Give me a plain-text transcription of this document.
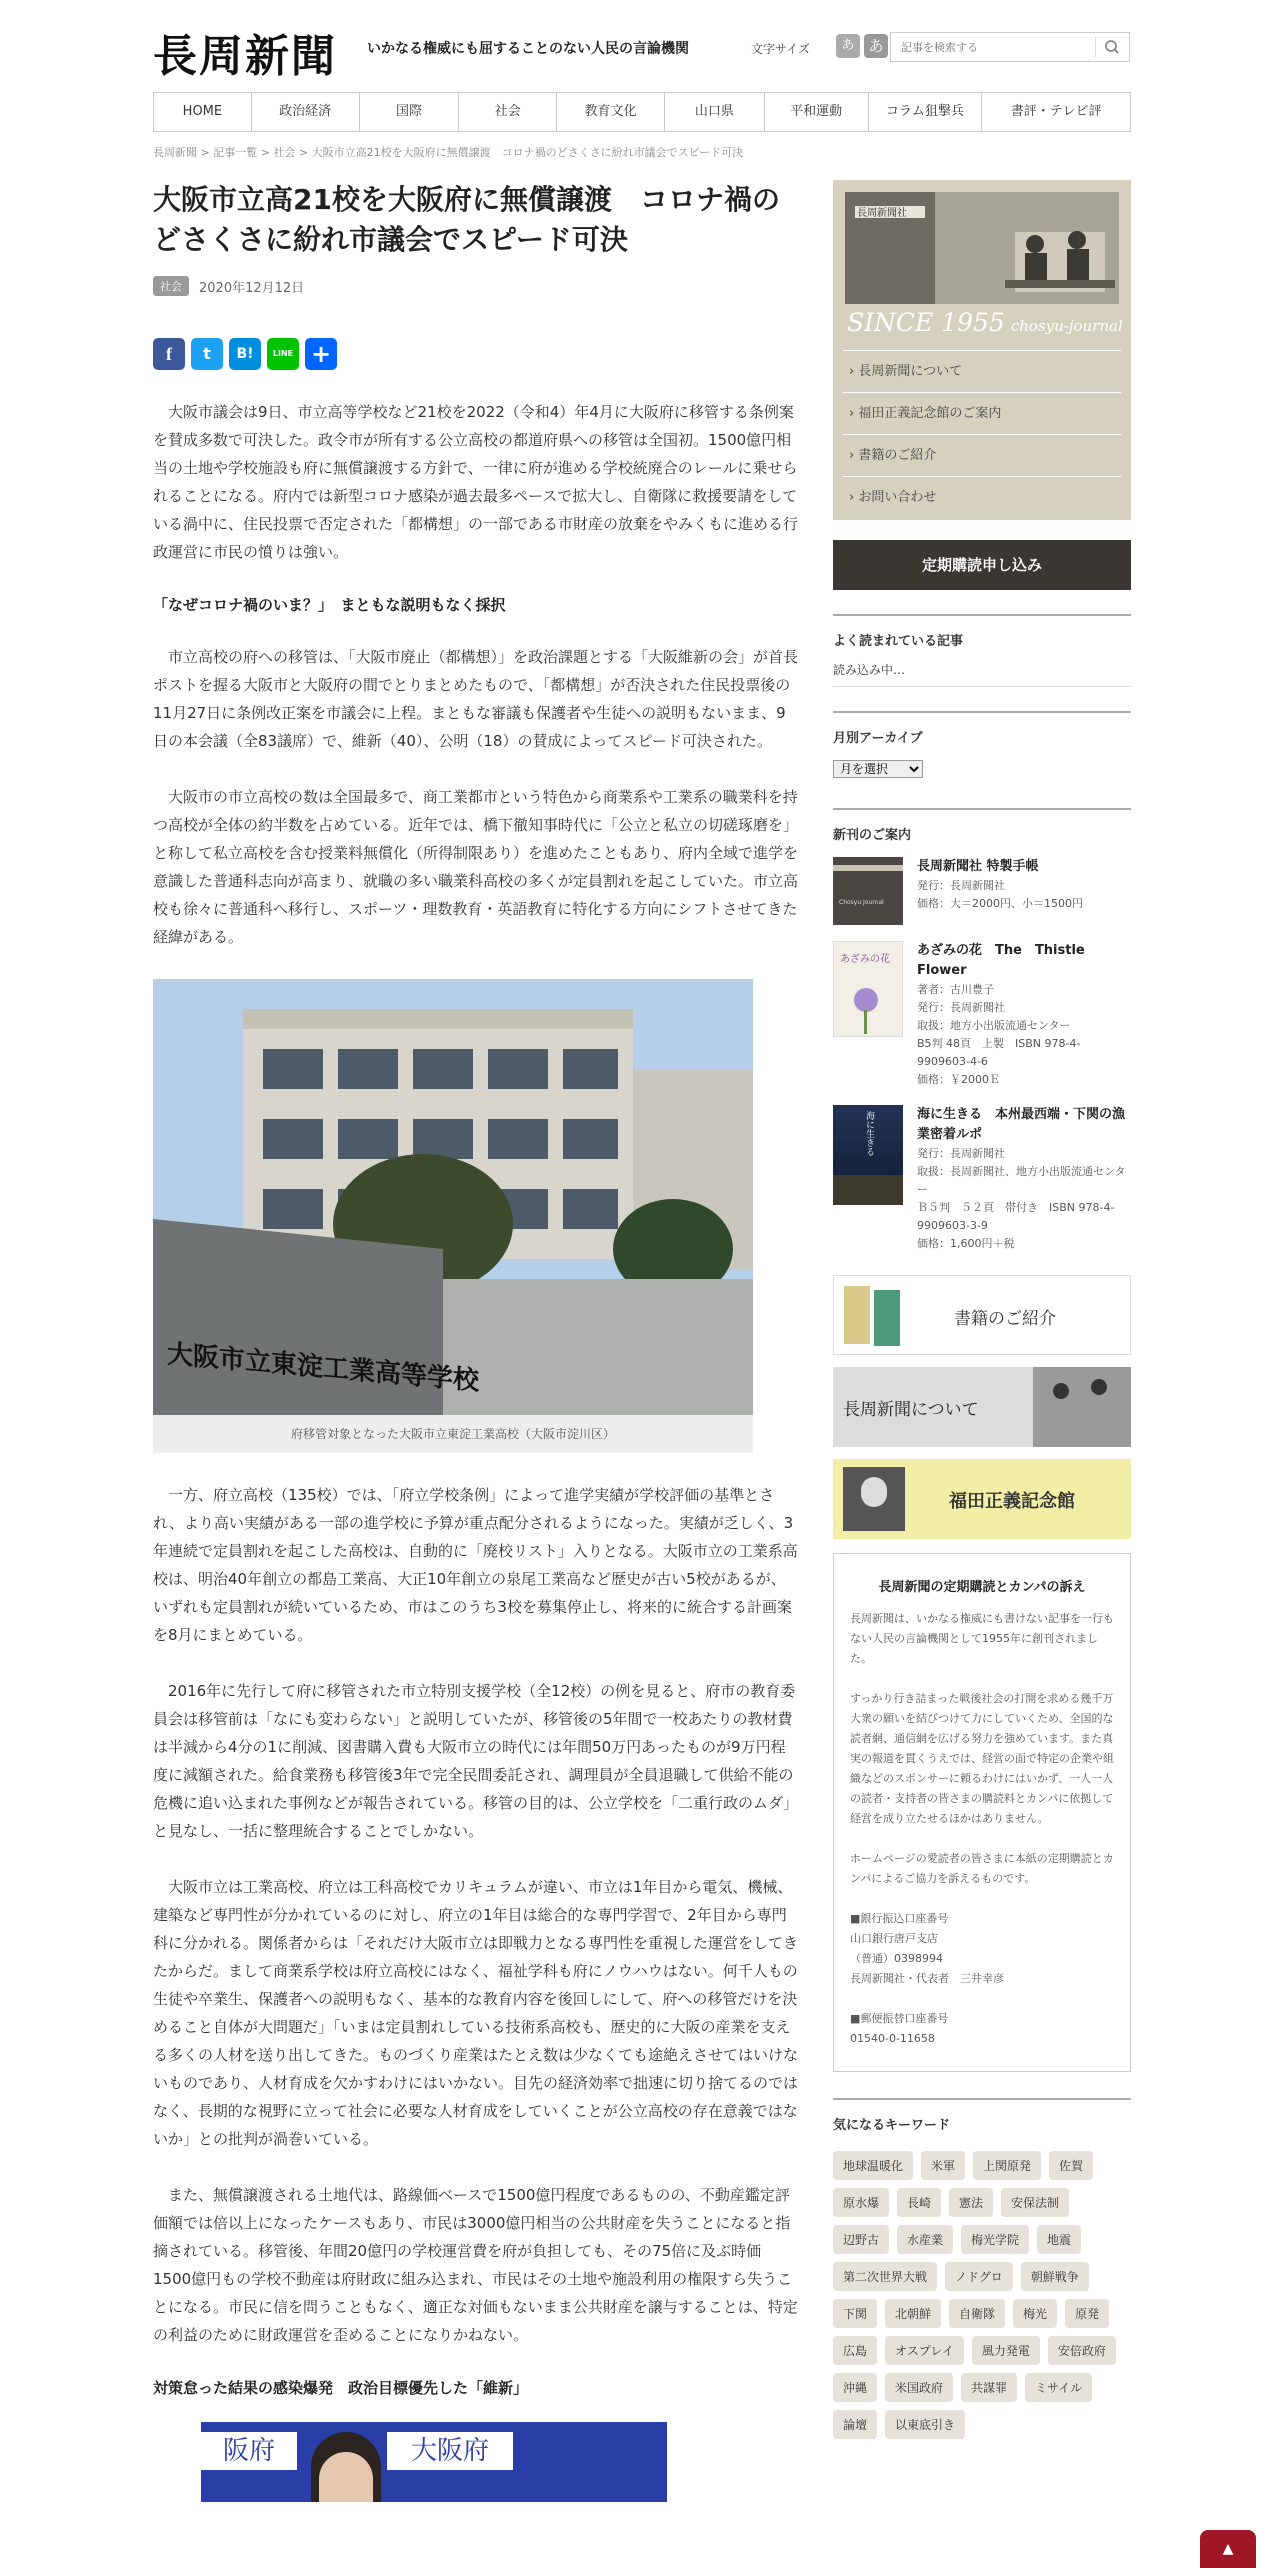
長周新聞 いかなる権威にも屈することのない人民の言論機関	文字サイズ	あ あ
記事を検索する
HOME	政治経済	国際	社会	教育文化	山口県	平和運動	コラム狙撃兵	書評・テレビ評
長周新聞 > 記事一覧 > 社会 > 大阪市立高21校を大阪府に無償譲渡　コロナ禍のどさくさに紛れ市議会でスピード可決
大阪市立高21校を大阪府に無償譲渡　コロナ禍のどさくさに紛れ市議会でスピード可決
社会	2020年12月12日
f	t	B!	LINE +

大阪市議会は9日、市立高等学校など21校を2022（令和4）年4月に大阪府に移管する条例案を賛成多数で可決した。政令市が所有する公立高校の都道府県への移管は全国初。1500億円相当の土地や学校施設も府に無償譲渡する方針で、一律に府が進める学校統廃合のレールに乗せられることになる。府内では新型コロナ感染が過去最多ペースで拡大し、自衛隊に救援要請をしている渦中に、住民投票で否定された「都構想」の一部である市財産の放棄をやみくもに進める行政運営に市民の憤りは強い。

「なぜコロナ禍のいま？」　まともな説明もなく採択

市立高校の府への移管は、「大阪市廃止（都構想）」を政治課題とする「大阪維新の会」が首長ポストを握る大阪市と大阪府の間でとりまとめたもので、「都構想」が否決された住民投票後の11月27日に条例改正案を市議会に上程。まともな審議も保護者や生徒への説明もないまま、9日の本会議（全83議席）で、維新（40）、公明（18）の賛成によってスピード可決された。

大阪市の市立高校の数は全国最多で、商工業都市という特色から商業系や工業系の職業科を持つ高校が全体の約半数を占めている。近年では、橋下徹知事時代に「公立と私立の切磋琢磨を」と称して私立高校を含む授業料無償化（所得制限あり）を進めたこともあり、府内全域で進学を意識した普通科志向が高まり、就職の多い職業科高校の多くが定員割れを起こしていた。市立高校も徐々に普通科へ移行し、スポーツ・理数教育・英語教育に特化する方向にシフトさせてきた経緯がある。

大阪市立東淀工業高等学校
府移管対象となった大阪市立東淀工業高校（大阪市淀川区）

一方、府立高校（135校）では、「府立学校条例」によって進学実績が学校評価の基準とされ、より高い実績がある一部の進学校に予算が重点配分されるようになった。実績が乏しく、3年連続で定員割れを起こした高校は、自動的に「廃校リスト」入りとなる。大阪市立の工業系高校は、明治40年創立の都島工業高、大正10年創立の泉尾工業高など歴史が古い5校があるが、いずれも定員割れが続いているため、市はこのうち3校を募集停止し、将来的に統合する計画案を8月にまとめている。

2016年に先行して府に移管された市立特別支援学校（全12校）の例を見ると、府市の教育委員会は移管前は「なにも変わらない」と説明していたが、移管後の5年間で一校あたりの教材費は半減から4分の1に削減、図書購入費も大阪市立の時代には年間50万円あったものが9万円程度に減額された。給食業務も移管後3年で完全民間委託され、調理員が全員退職して供給不能の危機に追い込まれた事例などが報告されている。移管の目的は、公立学校を「二重行政のムダ」と見なし、一括に整理統合することでしかない。

大阪市立は工業高校、府立は工科高校でカリキュラムが違い、市立は1年目から電気、機械、建築など専門性が分かれているのに対し、府立の1年目は総合的な専門学習で、2年目から専門科に分かれる。関係者からは「それだけ大阪市立は即戦力となる専門性を重視した運営をしてきたからだ。まして商業系学校は府立高校にはなく、福祉学科も府にノウハウはない。何千人もの生徒や卒業生、保護者への説明もなく、基本的な教育内容を後回しにして、府への移管だけを決めること自体が大問題だ」「いまは定員割れしている技術系高校も、歴史的に大阪の産業を支える多くの人材を送り出してきた。ものづくり産業はたとえ数は少なくても途絶えさせてはいけないものであり、人材育成を欠かすわけにはいかない。目先の経済効率で拙速に切り捨てるのではなく、長期的な視野に立って社会に必要な人材育成をしていくことが公立高校の存在意義ではないか」との批判が渦巻いている。

また、無償譲渡される土地代は、路線価ベースで1500億円程度であるものの、不動産鑑定評価額では倍以上になったケースもあり、市民は3000億円相当の公共財産を失うことになると指摘されている。移管後、年間20億円の学校運営費を府が負担しても、その75倍に及ぶ時価1500億円もの学校不動産は府財政に組み込まれ、市民はその土地や施設利用の権限すら失うことになる。市民に信を問うこともなく、適正な対価もないまま公共財産を譲与することは、特定の利益のために財政運営を歪めることになりかねない。

対策怠った結果の感染爆発　政治目標優先した「維新」
阪府	大阪府
長周新聞社
SINCE 1955 chosyu-journal
› 長周新聞について
› 福田正義記念館のご案内
› 書籍のご紹介
› お問い合わせ
定期購読申し込み
よく読まれている記事
読み込み中…
月別アーカイブ
月を選択
新刊のご案内
Chosyu Journal
長周新聞社 特製手帳
発行：長周新聞社
価格：大＝2000円、小＝1500円
あざみの花
あざみの花　The　Thistle Flower
著者：古川豊子
発行：長周新聞社
取扱：地方小出版流通センター
B5判 48頁　上製　ISBN 978-4-9909603-4-6
価格：￥2000Ｅ
海に生きる	海に生きる　本州最西端・下関の漁業密着ルポ
発行：長周新聞社
取扱：長周新聞社、地方小出版流通センター
Ｂ５判　５２頁　帯付き　ISBN 978-4-9909603-3-9
価格：1,600円＋税
書籍のご紹介
長周新聞について
福田正義記念館
長周新聞の定期購読とカンパの訴え
長周新聞は、いかなる権威にも書けない記事を一行もない人民の言論機関として1955年に創刊されました。

すっかり行き詰まった戦後社会の打開を求める幾千万大衆の願いを結びつけて力にしていくため、全国的な読者網、通信網を広げる努力を強めています。また真実の報道を貫くうえでは、経営の面で特定の企業や組織などのスポンサーに頼るわけにはいかず、一人一人の読者・支持者の皆さまの購読料とカンパに依拠して経営を成り立たせるほかはありません。

ホームページの愛読者の皆さまに本紙の定期購読とカンパによるご協力を訴えるものです。

■銀行振込口座番号
山口銀行唐戸支店
（普通）0398994
長周新聞社・代表者　三井幸彦

■郵便振替口座番号
01540-0-11658
気になるキーワード
地球温暖化	米軍	上関原発	佐賀
原水爆	長崎	憲法	安保法制
辺野古	水産業	梅光学院	地震
第二次世界大戦	ノドグロ	朝鮮戦争
下関	北朝鮮	自衛隊	梅光	原発
広島	オスプレイ	風力発電	安倍政府
沖縄	米国政府	共謀罪	ミサイル
論壇	以東底引き
▲
